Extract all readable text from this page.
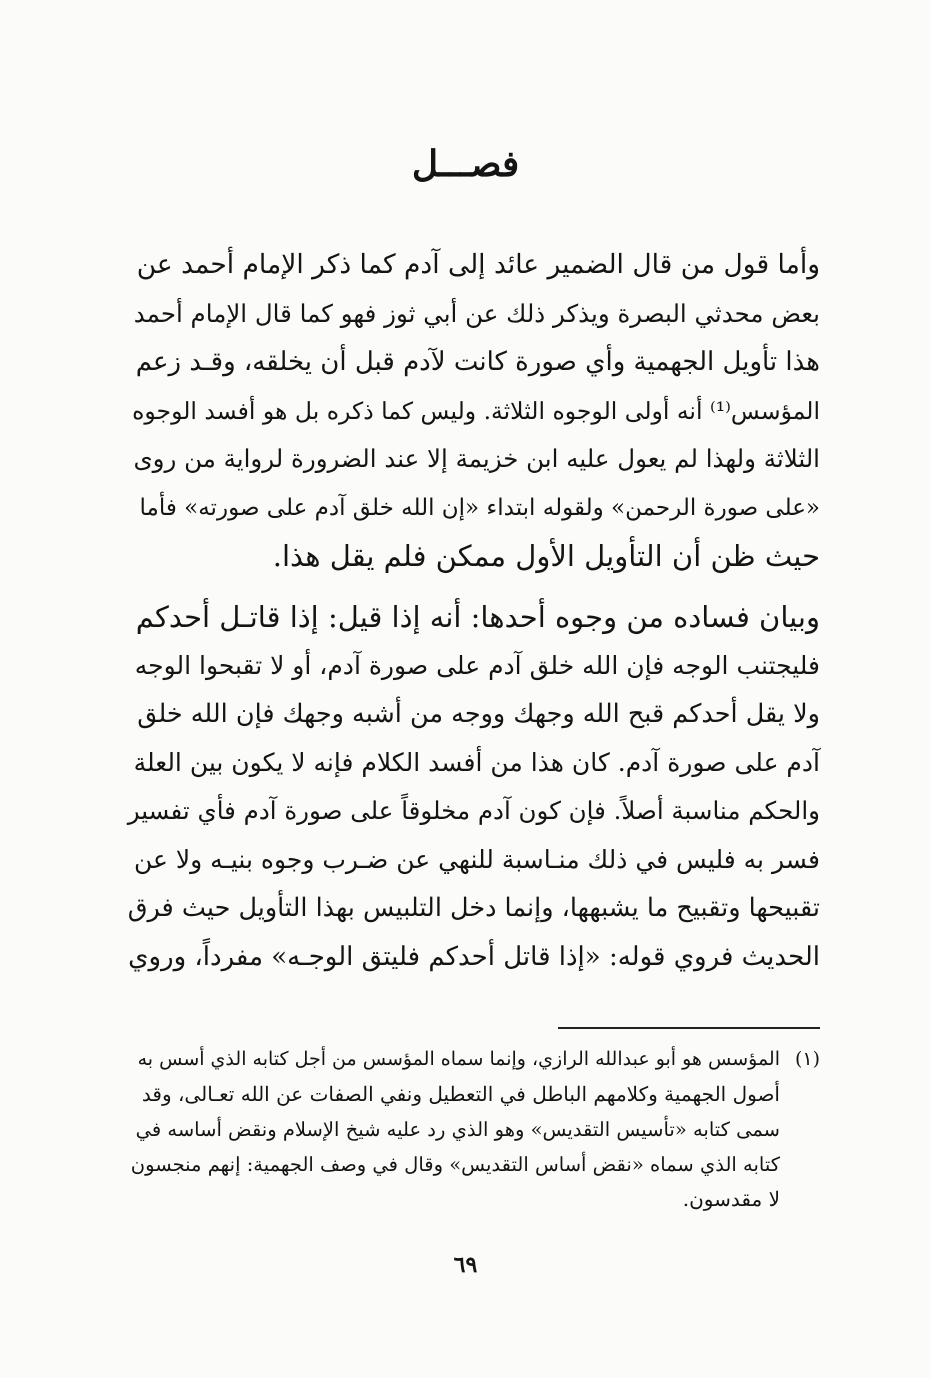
فصـــل
وأما قول من قال الضمير عائد إلى آدم كما ذكر الإمام أحمد عن
بعض محدثي البصرة ويذكر ذلك عن أبي ثوز فهو كما قال الإمام أحمد
هذا تأويل الجهمية وأي صورة كانت لآدم قبل أن يخلقه، وقـد زعم
المؤسس⁽¹⁾ أنه أولى الوجوه الثلاثة. وليس كما ذكره بل هو أفسد الوجوه
الثلاثة ولهذا لم يعول عليه ابن خزيمة إلا عند الضرورة لرواية من روى
«على صورة الرحمن» ولقوله ابتداء «إن الله خلق آدم على صورته» فأما
حيث ظن أن التأويل الأول ممكن فلم يقل هذا.
وبيان فساده من وجوه أحدها: أنه إذا قيل: إذا قاتـل أحدكم
فليجتنب الوجه فإن الله خلق آدم على صورة آدم، أو لا تقبحوا الوجه
ولا يقل أحدكم قبح الله وجهك ووجه من أشبه وجهك فإن الله خلق
آدم على صورة آدم. كان هذا من أفسد الكلام فإنه لا يكون بين العلة
والحكم مناسبة أصلاً. فإن كون آدم مخلوقاً على صورة آدم فأي تفسير
فسر به فليس في ذلك منـاسبة للنهي عن ضـرب وجوه بنيـه ولا عن
تقبيحها وتقبيح ما يشبهها، وإنما دخل التلبيس بهذا التأويل حيث فرق
الحديث فروي قوله: «إذا قاتل أحدكم فليتق الوجـه» مفرداً، وروي
(١)المؤسس هو أبو عبدالله الرازي، وإنما سماه المؤسس من أجل كتابه الذي أسس به
أصول الجهمية وكلامهم الباطل في التعطيل ونفي الصفات عن الله تعـالى، وقد
سمى كتابه «تأسيس التقديس» وهو الذي رد عليه شيخ الإسلام ونقض أساسه في
كتابه الذي سماه «نقض أساس التقديس» وقال في وصف الجهمية: إنهم منجسون
لا مقدسون.
٦٩
